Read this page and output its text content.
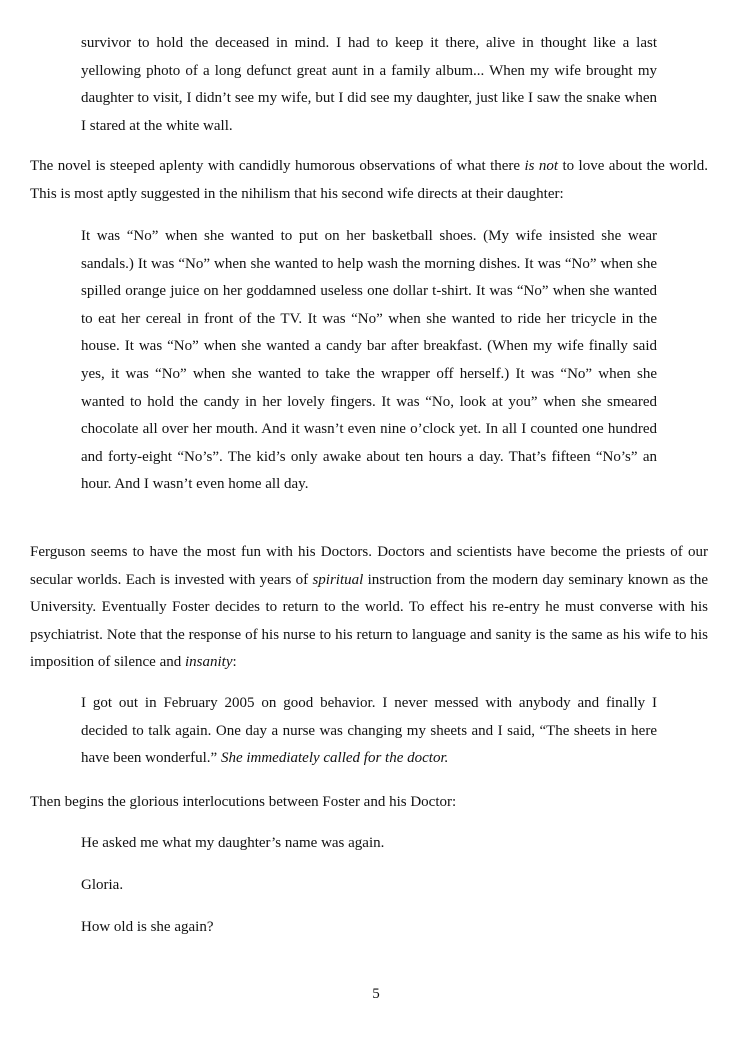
survivor to hold the deceased in mind. I had to keep it there, alive in thought like a last yellowing photo of a long defunct great aunt in a family album... When my wife brought my daughter to visit, I didn’t see my wife, but I did see my daughter, just like I saw the snake when I stared at the white wall.

The novel is steeped aplenty with candidly humorous observations of what there is not to love about the world. This is most aptly suggested in the nihilism that his second wife directs at their daughter:

It was “No” when she wanted to put on her basketball shoes. (My wife insisted she wear sandals.) It was “No” when she wanted to help wash the morning dishes. It was “No” when she spilled orange juice on her goddamned useless one dollar t-shirt. It was “No” when she wanted to eat her cereal in front of the TV. It was “No” when she wanted to ride her tricycle in the house. It was “No” when she wanted a candy bar after breakfast. (When my wife finally said yes, it was “No” when she wanted to take the wrapper off herself.) It was “No” when she wanted to hold the candy in her lovely fingers. It was “No, look at you” when she smeared chocolate all over her mouth. And it wasn’t even nine o’clock yet. In all I counted one hundred and forty-eight “No’s”. The kid’s only awake about ten hours a day. That’s fifteen “No’s” an hour. And I wasn’t even home all day.

Ferguson seems to have the most fun with his Doctors. Doctors and scientists have become the priests of our secular worlds. Each is invested with years of spiritual instruction from the modern day seminary known as the University. Eventually Foster decides to return to the world. To effect his re-entry he must converse with his psychiatrist. Note that the response of his nurse to his return to language and sanity is the same as his wife to his imposition of silence and insanity:

I got out in February 2005 on good behavior. I never messed with anybody and finally I decided to talk again. One day a nurse was changing my sheets and I said, “The sheets in here have been wonderful.” She immediately called for the doctor.

Then begins the glorious interlocutions between Foster and his Doctor:

He asked me what my daughter’s name was again.

Gloria.

How old is she again?

5
